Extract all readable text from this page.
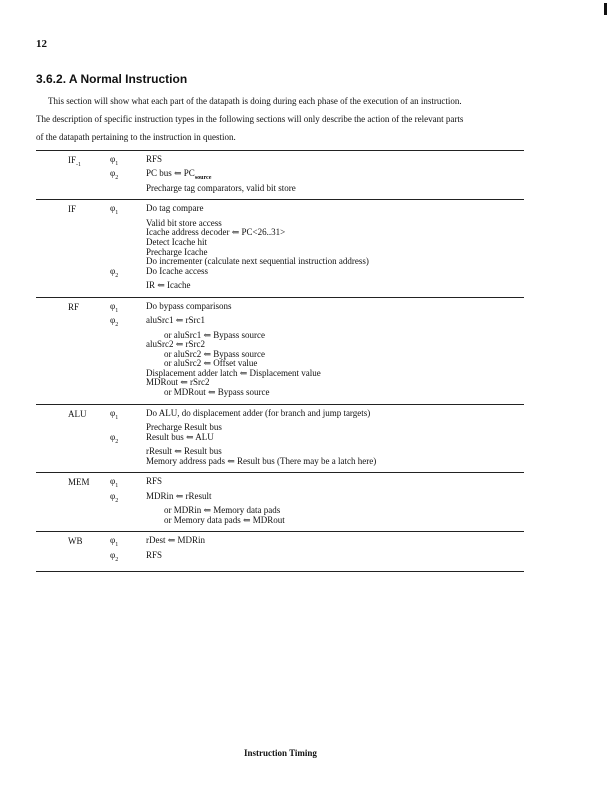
12
3.6.2. A Normal Instruction

This section will show what each part of the datapath is doing during each phase of the execution of an instruction.

The description of specific instruction types in the following sections will only describe the action of the relevant parts
of the datapath pertaining to the instruction in question.
$IF_{-1}$
$\varphi_1$	RFS
$\varphi_2$	PC bus ⇐ $PC_{source}$
Precharge tag comparators, valid bit store
IF	$\varphi_1$	Do tag compare
Valid bit store access
Icache address decoder ⇐ PC<26..31>
Detect Icache hit
Precharge Icache
Do incrementer (calculate next sequential instruction address)
$\varphi_2$	Do Icache access
IR ⇐ Icache
RF	$\varphi_1$	Do bypass comparisons
$\varphi_2$	aluSrc1 ⇐ rSrc1
or aluSrc1 ⇐ Bypass source
aluSrc2 ⇐ rSrc2
or aluSrc2 ⇐ Bypass source
or aluSrc2 ⇐ Offset value
Displacement adder latch ⇐ Displacement value
MDRout ⇐ rSrc2
or MDRout ⇐ Bypass source
ALU	$\varphi_1$	Do ALU, do displacement adder (for branch and jump targets)
Precharge Result bus
$\varphi_2$	Result bus ⇐ ALU
rResult ⇐ Result bus
Memory address pads ⇐ Result bus (There may be a latch here)
MEM	$\varphi_1$	RFS
$\varphi_2$	MDRin ⇐ rResult
or MDRin ⇐ Memory data pads
or Memory data pads ⇐ MDRout
WB	$\varphi_1$	rDest ⇐ MDRin
$\varphi_2$	RFS
Instruction Timing
